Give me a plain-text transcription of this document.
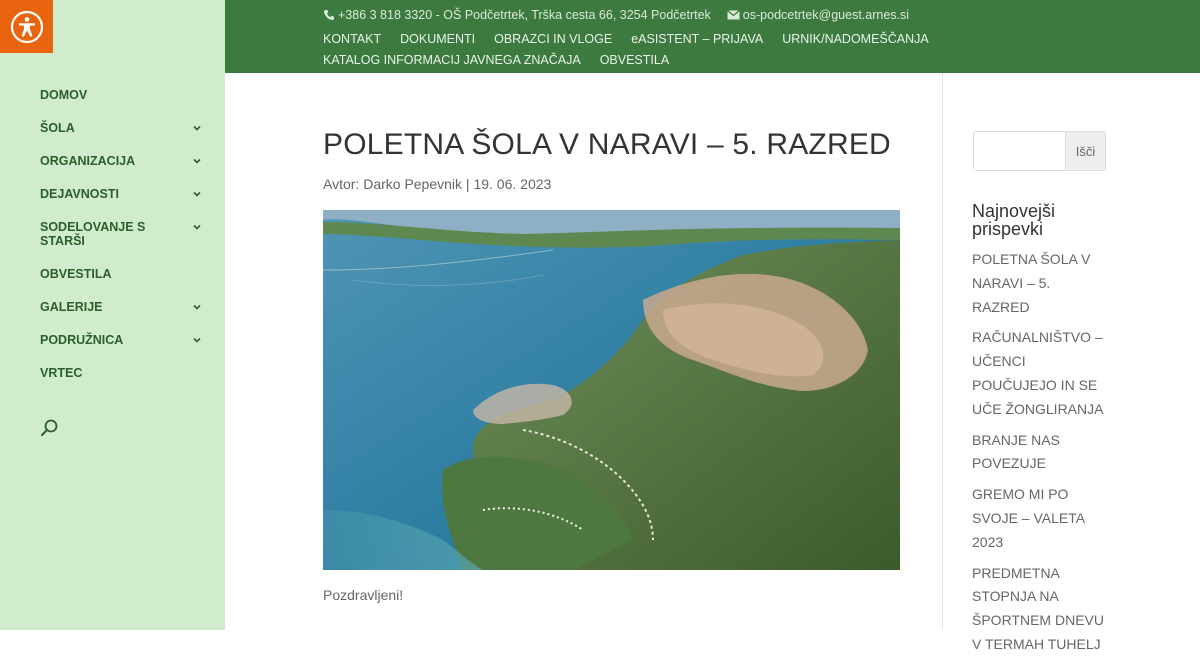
DOMOV
ŠOLA
ORGANIZACIJA
DEJAVNOSTI
SODELOVANJE S STARŠI
OBVESTILA
GALERIJE
PODRUŽNICA
VRTEC
+386 3 818 3320 - OŠ Podčetrtek, Trška cesta 66, 3254 Podčetrtek	os-podcetrtek@guest.arnes.si
KONTAKT DOKUMENTI OBRAZCI IN VLOGE eASISTENT – PRIJAVA URNIK/NADOMEŠČANJA
KATALOG INFORMACIJ JAVNEGA ZNAČAJA OBVESTILA
POLETNA ŠOLA V NARAVI – 5. RAZRED
Avtor: Darko Pepevnik | 19. 06. 2023

Pozdravljeni!

Išči
Najnovejši prispevki
POLETNA ŠOLA V NARAVI – 5. RAZRED
RAČUNALNIŠTVO – UČENCI POUČUJEJO IN SE UČE ŽONGLIRANJA
BRANJE NAS POVEZUJE
GREMO MI PO SVOJE – VALETA 2023
PREDMETNA STOPNJA NA ŠPORTNEM DNEVU V TERMAH TUHELJ
